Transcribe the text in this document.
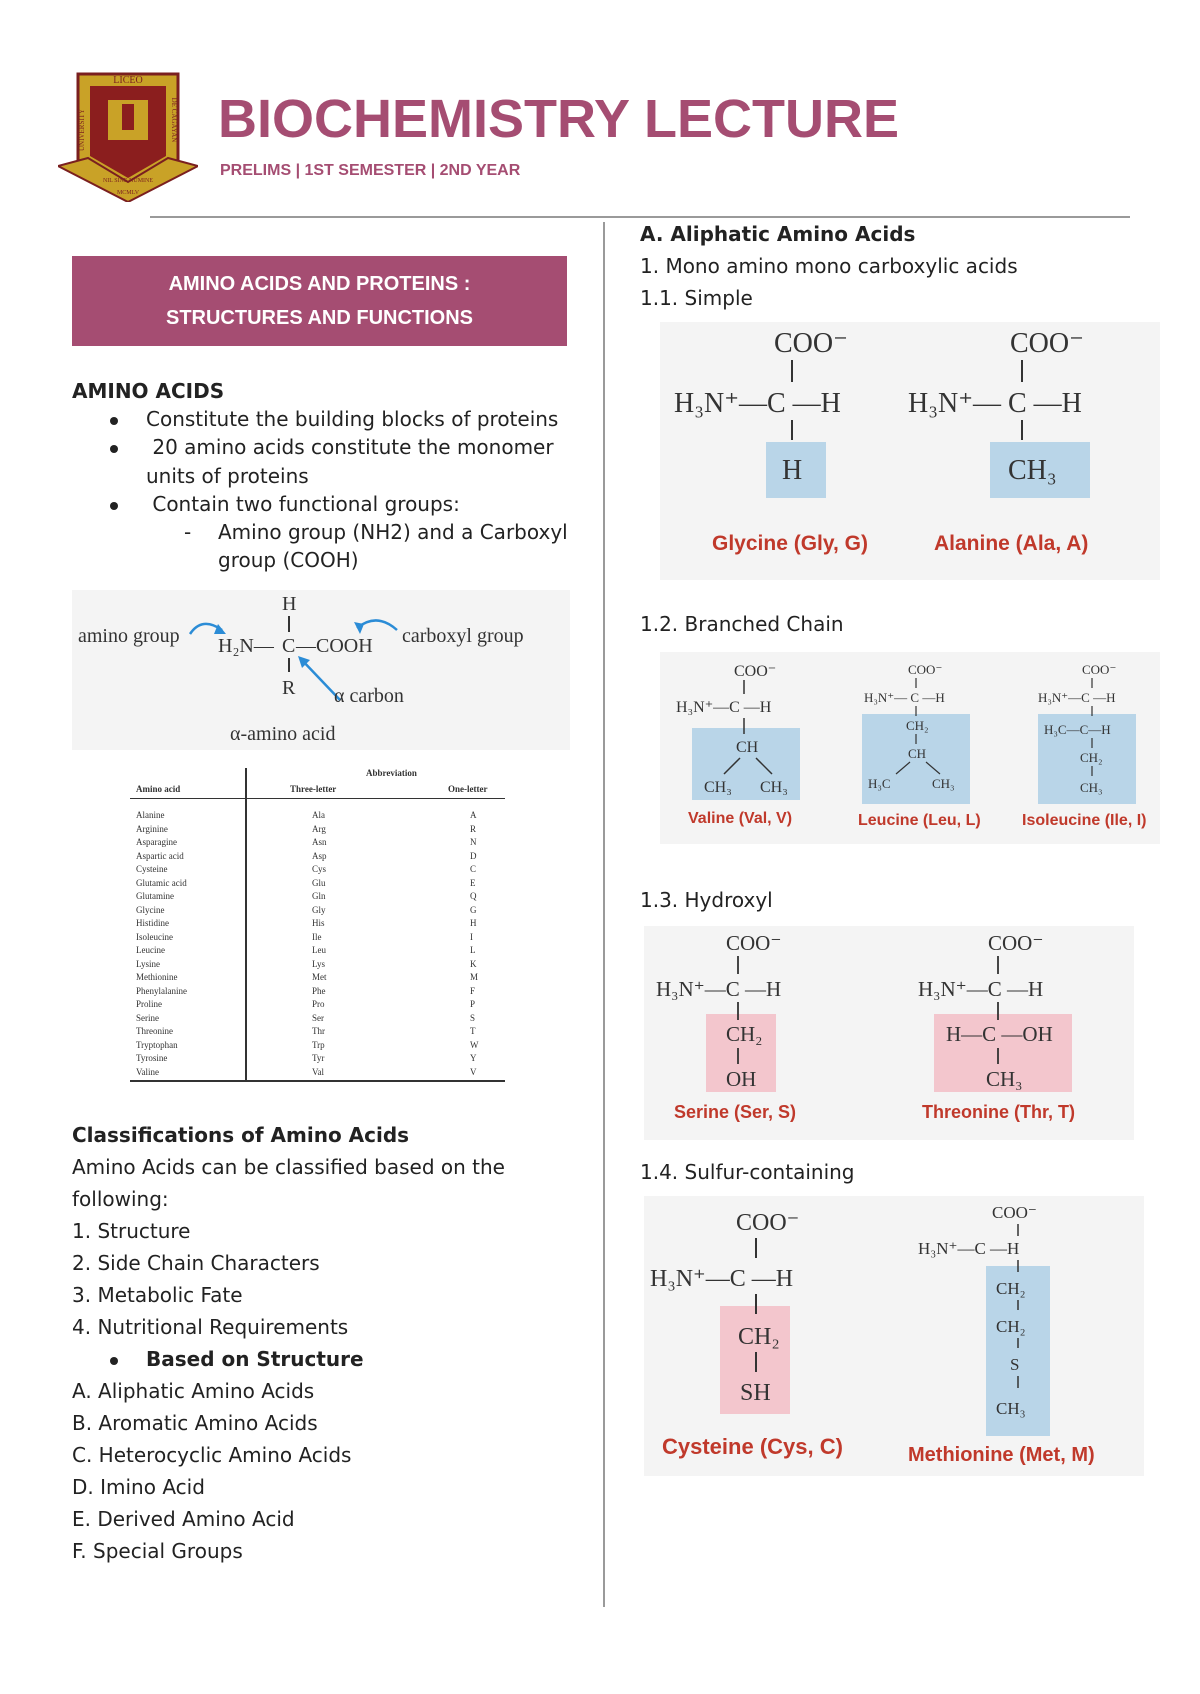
LICEO
NIL SINE NUMINE
MCMLV
UNIVERSITY	DE CAGAYAN BIOCHEMISTRY LECTURE
PRELIMS | 1ST SEMESTER | 2ND YEAR
AMINO ACIDS AND PROTEINS :
STRUCTURES AND FUNCTIONS
AMINO ACIDS
Constitute the building blocks of proteins
20 amino acids constitute the monomer
units of proteins
Contain two functional groups:
- Amino group (NH2) and a Carboxyl
group (COOH)
amino group	carboxyl group
H
H₂N— C —COOH
R α carbon
α-amino acid
Abbreviation
Amino acid	Three-letter	One-letter
Alanine	Ala	A
Arginine	Arg	R
Asparagine	Asn	N
Aspartic acid	Asp	D
Cysteine	Cys	C
Glutamic acid	Glu	E
Glutamine	Gln	Q
Glycine	Gly	G
Histidine	His	H
Isoleucine	Ile	I
Leucine	Leu	L
Lysine	Lys	K
Methionine	Met	M
Phenylalanine	Phe	F
Proline	Pro	P
Serine	Ser	S
Threonine	Thr	T
Tryptophan	Trp	W
Tyrosine	Tyr	Y
Valine	Val	V
Classifications of Amino Acids
Amino Acids can be classified based on the
following:
1. Structure
2. Side Chain Characters
3. Metabolic Fate
4. Nutritional Requirements
Based on Structure
A. Aliphatic Amino Acids
B. Aromatic Amino Acids
C. Heterocyclic Amino Acids
D. Imino Acid
E. Derived Amino Acid
F. Special Groups
A. Aliphatic Amino Acids
1. Mono amino mono carboxylic acids
1.1. Simple
COO⁻
H₃N⁺—C —H
H
COO⁻
H₃N⁺— C —H
CH₃
Glycine (Gly, G)	Alanine (Ala, A)
1.2. Branched Chain
COO⁻
H₃N⁺—C —H
CH
CH₃ CH₃
COO⁻
H₃N⁺— C —H
CH₂
CH
H₃C	CH₃
COO⁻
H₃N⁺—C —H
H₃C—C—H
CH₂
CH₃
Valine (Val, V)	Leucine (Leu, L)	Isoleucine (Ile, I)
1.3. Hydroxyl
COO⁻
H₃N⁺—C —H
CH₂
OH
COO⁻
H₃N⁺—C —H
H—C —OH
CH₃
Serine (Ser, S)	Threonine (Thr, T)
1.4. Sulfur-containing
COO⁻
H₃N⁺—C —H
CH₂
SH
COO⁻
H₃N⁺—C —H
CH₂
CH₂
S
CH₃
Cysteine (Cys, C)	Methionine (Met, M)
